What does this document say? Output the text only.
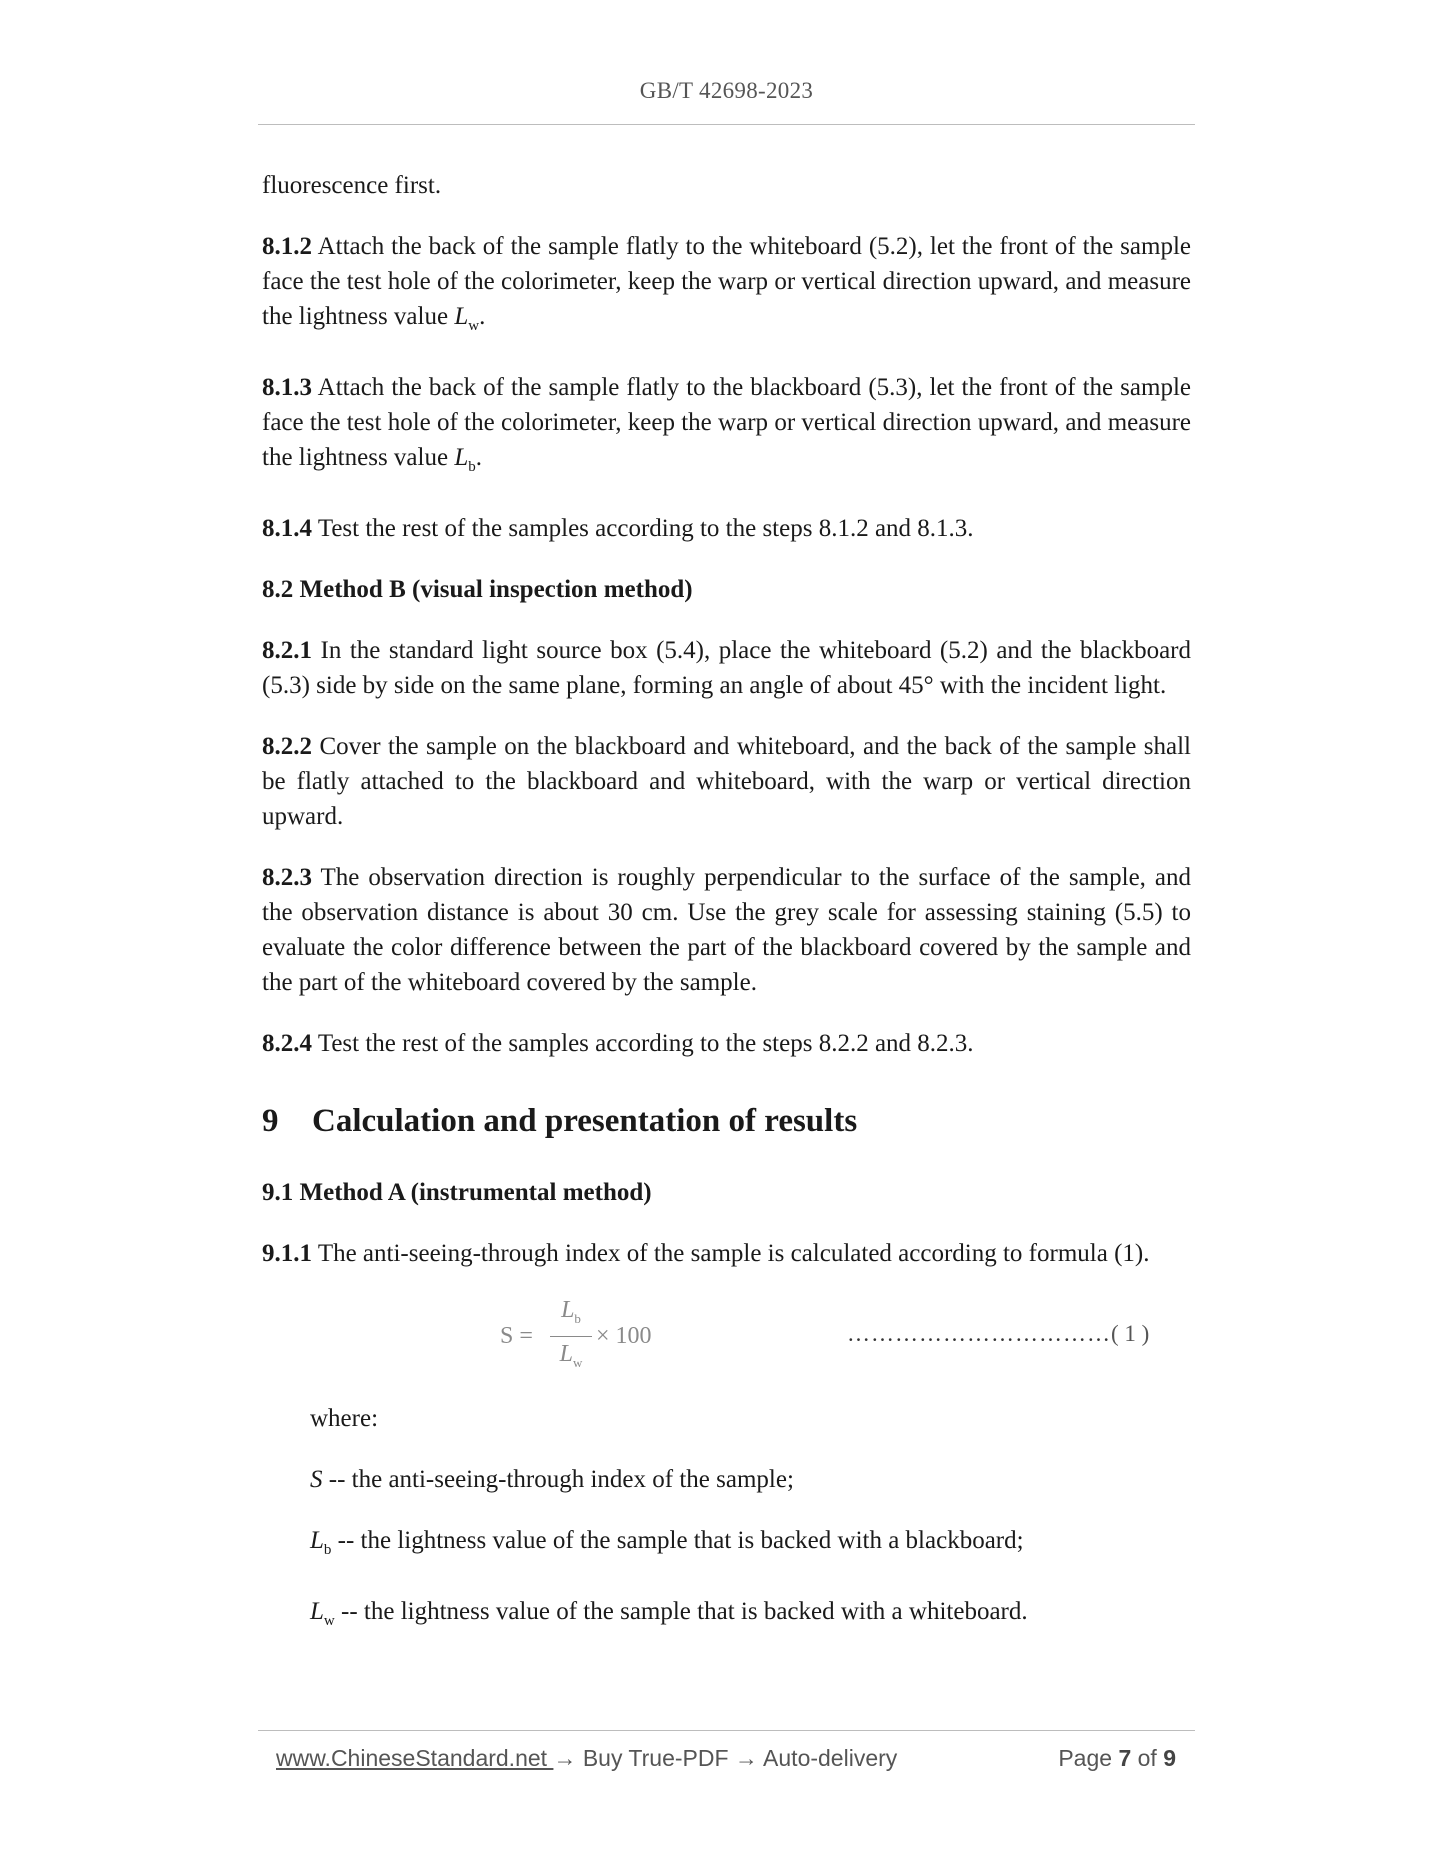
GB/T 42698-2023

fluorescence first.

8.1.2 Attach the back of the sample flatly to the whiteboard (5.2), let the front of the sample face the test hole of the colorimeter, keep the warp or vertical direction upward, and measure the lightness value $L_w$.

8.1.3 Attach the back of the sample flatly to the blackboard (5.3), let the front of the sample face the test hole of the colorimeter, keep the warp or vertical direction upward, and measure the lightness value $L_b$.

8.1.4 Test the rest of the samples according to the steps 8.1.2 and 8.1.3.

8.2 Method B (visual inspection method)

8.2.1 In the standard light source box (5.4), place the whiteboard (5.2) and the blackboard (5.3) side by side on the same plane, forming an angle of about 45° with the incident light.

8.2.2 Cover the sample on the blackboard and whiteboard, and the back of the sample shall be flatly attached to the blackboard and whiteboard, with the warp or vertical direction upward.

8.2.3 The observation direction is roughly perpendicular to the surface of the sample, and the observation distance is about 30 cm. Use the grey scale for assessing staining (5.5) to evaluate the color difference between the part of the blackboard covered by the sample and the part of the whiteboard covered by the sample.

8.2.4 Test the rest of the samples according to the steps 8.2.2 and 8.2.3.

9 Calculation and presentation of results

9.1 Method A (instrumental method)

9.1.1 The anti-seeing-through index of the sample is calculated according to formula (1).

S =
$L_b$
$L_w$
× 100	……………………………( 1 )

where:

S -- the anti-seeing-through index of the sample;

$L_b$ -- the lightness value of the sample that is backed with a blackboard;

$L_w$ -- the lightness value of the sample that is backed with a whiteboard.

www.ChineseStandard.net → Buy True-PDF → Auto-delivery	Page 7 of 9
